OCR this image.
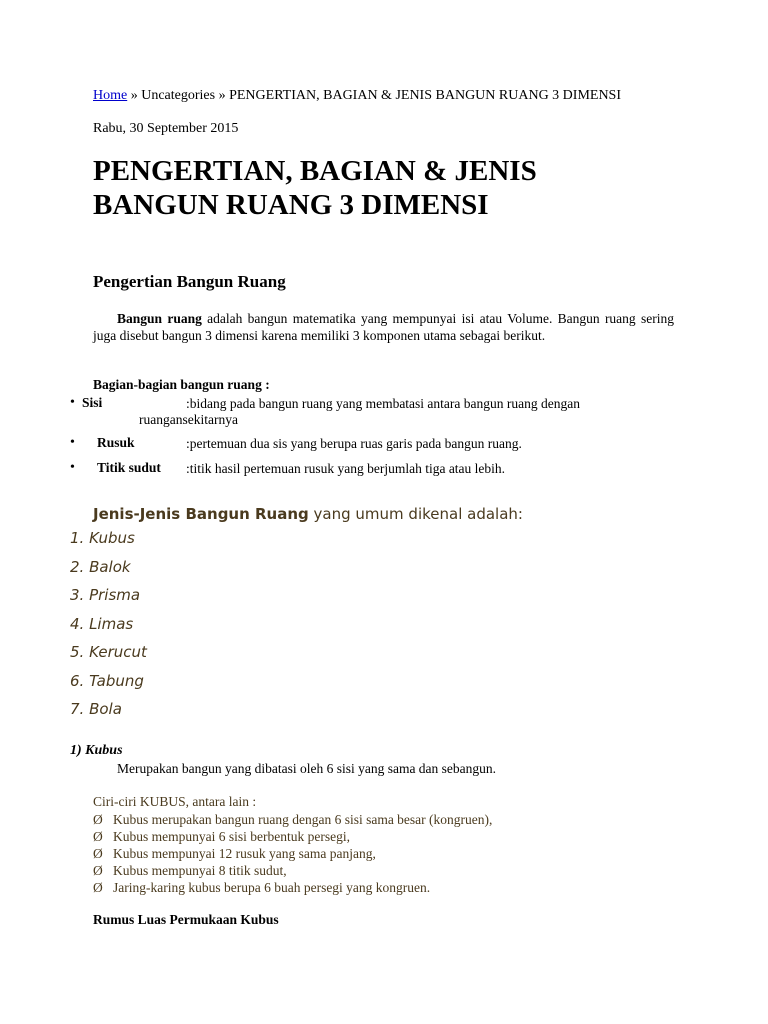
Home » Uncategories » PENGERTIAN, BAGIAN & JENIS BANGUN RUANG 3 DIMENSI
Rabu, 30 September 2015
PENGERTIAN, BAGIAN & JENIS BANGUN RUANG 3 DIMENSI
Pengertian Bangun Ruang

Bangun ruang adalah bangun matematika yang mempunyai isi atau Volume. Bangun ruang sering juga disebut bangun 3 dimensi karena memiliki 3 komponen utama sebagai berikut.

Bagian-bagian bangun ruang :
• Sisi	:bidang pada bangun ruang yang membatasi antara bangun ruang dengan
ruangansekitarnya
• Rusuk	:pertemuan dua sis yang berupa ruas garis pada bangun ruang.
• Titik sudut :titik hasil pertemuan rusuk yang berjumlah tiga atau lebih.
Jenis-Jenis Bangun Ruang yang umum dikenal adalah:
1. Kubus
2. Balok
3. Prisma
4. Limas
5. Kerucut
6. Tabung
7. Bola
1) Kubus
Merupakan bangun yang dibatasi oleh 6 sisi yang sama dan sebangun.
Ciri-ciri KUBUS, antara lain :
Ø Kubus merupakan bangun ruang dengan 6 sisi sama besar (kongruen),
Ø Kubus mempunyai 6 sisi berbentuk persegi,
Ø Kubus mempunyai 12 rusuk yang sama panjang,
Ø Kubus mempunyai 8 titik sudut,
Ø Jaring-karing kubus berupa 6 buah persegi yang kongruen.
Rumus Luas Permukaan Kubus
